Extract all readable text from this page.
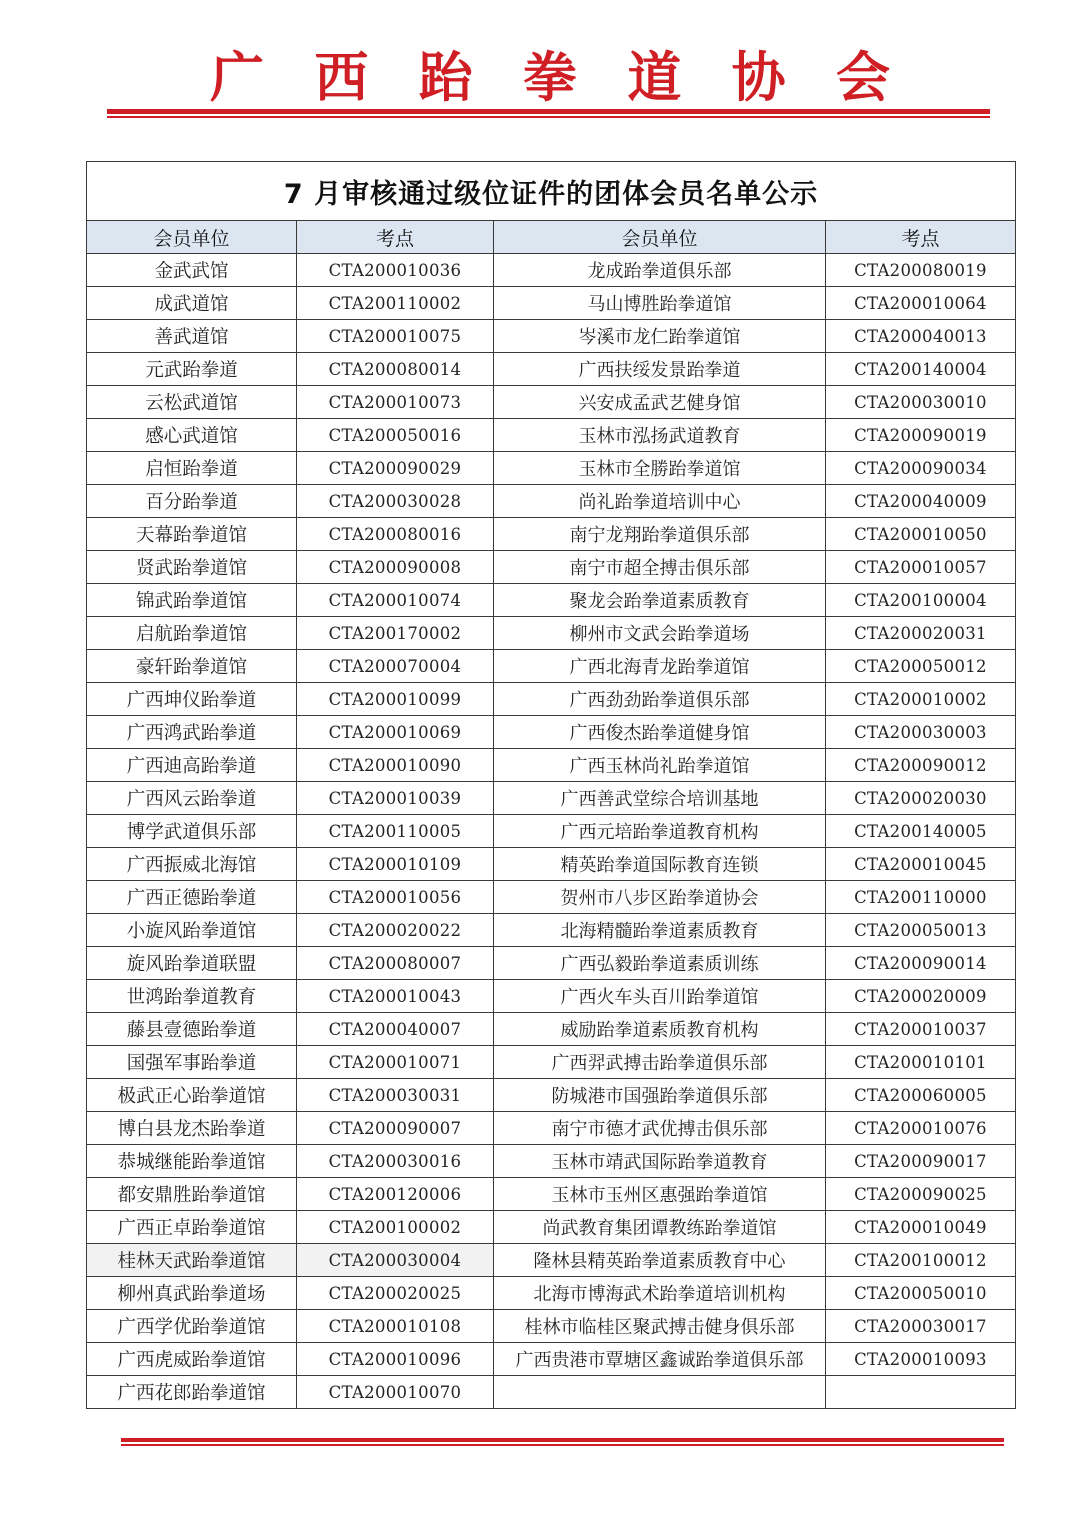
广 西 跆 拳 道 协 会
7 月审核通过级位证件的团体会员名单公示			
会员单位	考点	会员单位	考点
金武武馆	CTA200010036	龙成跆拳道俱乐部	CTA200080019
成武道馆	CTA200110002	马山博胜跆拳道馆	CTA200010064
善武道馆	CTA200010075	岑溪市龙仁跆拳道馆	CTA200040013
元武跆拳道	CTA200080014	广西扶绥发景跆拳道	CTA200140004
云松武道馆	CTA200010073	兴安成孟武艺健身馆	CTA200030010
感心武道馆	CTA200050016	玉林市泓扬武道教育	CTA200090019
启恒跆拳道	CTA200090029	玉林市全勝跆拳道馆	CTA200090034
百分跆拳道	CTA200030028	尚礼跆拳道培训中心	CTA200040009
天幕跆拳道馆	CTA200080016	南宁龙翔跆拳道俱乐部	CTA200010050
贤武跆拳道馆	CTA200090008	南宁市超全搏击俱乐部	CTA200010057
锦武跆拳道馆	CTA200010074	聚龙会跆拳道素质教育	CTA200100004
启航跆拳道馆	CTA200170002	柳州市文武会跆拳道场	CTA200020031
豪轩跆拳道馆	CTA200070004	广西北海青龙跆拳道馆	CTA200050012
广西坤仪跆拳道	CTA200010099	广西劲劲跆拳道俱乐部	CTA200010002
广西鸿武跆拳道	CTA200010069	广西俊杰跆拳道健身馆	CTA200030003
广西迪高跆拳道	CTA200010090	广西玉林尚礼跆拳道馆	CTA200090012
广西风云跆拳道	CTA200010039	广西善武堂综合培训基地	CTA200020030
博学武道俱乐部	CTA200110005	广西元培跆拳道教育机构	CTA200140005
广西振威北海馆	CTA200010109	精英跆拳道国际教育连锁	CTA200010045
广西正德跆拳道	CTA200010056	贺州市八步区跆拳道协会	CTA200110000
小旋风跆拳道馆	CTA200020022	北海精髓跆拳道素质教育	CTA200050013
旋风跆拳道联盟	CTA200080007	广西弘毅跆拳道素质训练	CTA200090014
世鸿跆拳道教育	CTA200010043	广西火车头百川跆拳道馆	CTA200020009
藤县壹德跆拳道	CTA200040007	威励跆拳道素质教育机构	CTA200010037
国强军事跆拳道	CTA200010071	广西羿武搏击跆拳道俱乐部	CTA200010101
极武正心跆拳道馆	CTA200030031	防城港市国强跆拳道俱乐部	CTA200060005
博白县龙杰跆拳道	CTA200090007	南宁市德才武优搏击俱乐部	CTA200010076
恭城继能跆拳道馆	CTA200030016	玉林市靖武国际跆拳道教育	CTA200090017
都安鼎胜跆拳道馆	CTA200120006	玉林市玉州区惠强跆拳道馆	CTA200090025
广西正卓跆拳道馆	CTA200100002	尚武教育集团谭教练跆拳道馆	CTA200010049
桂林天武跆拳道馆	CTA200030004	隆林县精英跆拳道素质教育中心	CTA200100012
柳州真武跆拳道场	CTA200020025	北海市博海武术跆拳道培训机构	CTA200050010
广西学优跆拳道馆	CTA200010108	桂林市临桂区聚武搏击健身俱乐部	CTA200030017
广西虎威跆拳道馆	CTA200010096	广西贵港市覃塘区鑫诚跆拳道俱乐部	CTA200010093
广西花郎跆拳道馆	CTA200010070		
